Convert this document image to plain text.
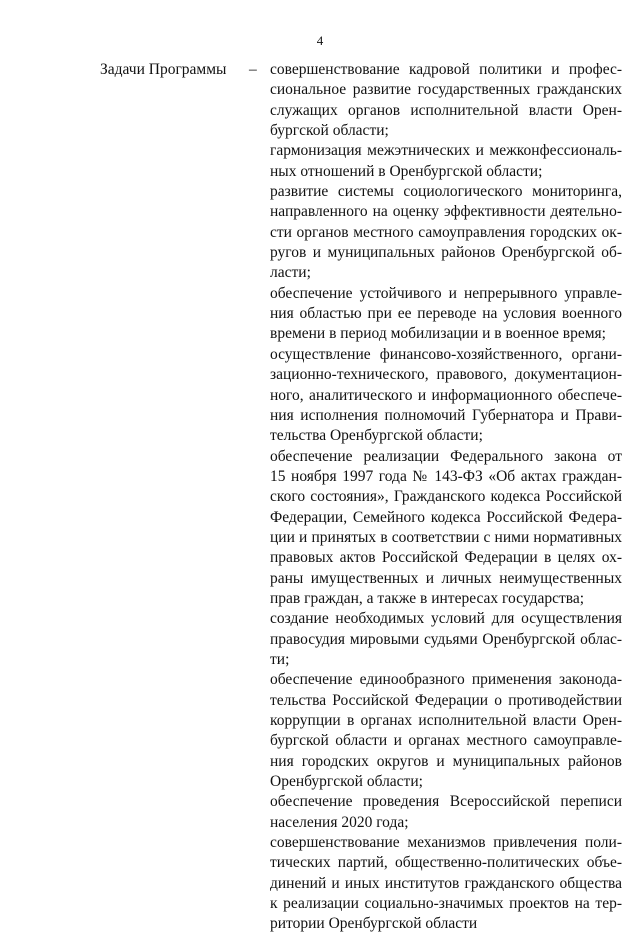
4
Задачи Программы – совершенствование кадровой политики и профес-
сиональное развитие государственных гражданских
служащих органов исполнительной власти Орен-
бургской области;

гармонизация межэтнических и межконфессиональ-
ных отношений в Оренбургской области;

развитие системы социологического мониторинга,
направленного на оценку эффективности деятельно-
сти органов местного самоуправления городских ок-
ругов и муниципальных районов Оренбургской об-
ласти;

обеспечение устойчивого и непрерывного управле-
ния областью при ее переводе на условия военного
времени в период мобилизации и в военное время;

осуществление финансово-хозяйственного, органи-
зационно-технического, правового, документацион-
ного, аналитического и информационного обеспече-
ния исполнения полномочий Губернатора и Прави-
тельства Оренбургской области;

обеспечение реализации Федерального закона от
15 ноября 1997 года № 143-ФЗ «Об актах граждан-
ского состояния», Гражданского кодекса Российской
Федерации, Семейного кодекса Российской Федера-
ции и принятых в соответствии с ними нормативных
правовых актов Российской Федерации в целях ох-
раны имущественных и личных неимущественных
прав граждан, а также в интересах государства;

создание необходимых условий для осуществления
правосудия мировыми судьями Оренбургской облас-
ти;

обеспечение единообразного применения законода-
тельства Российской Федерации о противодействии
коррупции в органах исполнительной власти Орен-
бургской области и органах местного самоуправле-
ния городских округов и муниципальных районов
Оренбургской области;

обеспечение проведения Всероссийской переписи
населения 2020 года;

совершенствование механизмов привлечения поли-
тических партий, общественно-политических объе-
динений и иных институтов гражданского общества
к реализации социально-значимых проектов на тер-
ритории Оренбургской области
